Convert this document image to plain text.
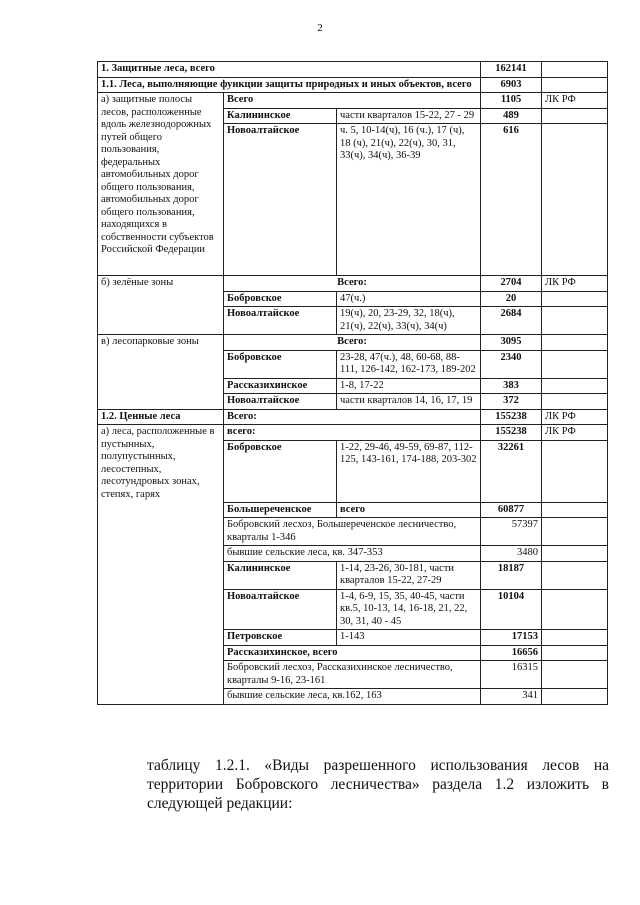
2
1. Защитные леса, всего			162141	
1.1. Леса, выполняющие функции защиты природных и иных объектов, всего			6903	
а) защитные полосы лесов, расположенные вдоль железнодорожных путей общего пользования, федеральных автомобильных дорог общего пользования, автомобильных дорог общего пользования, находящихся в собственности субъектов Российской Федерации	Всего		1105	ЛК РФ
	Калининское	части кварталов 15-22, 27 - 29	489	
	Новоалтайское	ч. 5, 10-14(ч), 16 (ч.), 17 (ч), 18 (ч), 21(ч), 22(ч), 30, 31, 33(ч), 34(ч), 36-39	616	
б) зелёные зоны	Всего:		2704	ЛК РФ
	Бобровское	47(ч.)	20	
	Новоалтайское	19(ч), 20, 23-29, 32, 18(ч), 21(ч), 22(ч), 33(ч), 34(ч)	2684	
в) лесопарковые зоны	Всего:		3095	
	Бобровское	23-28, 47(ч.), 48, 60-68, 88-111, 126-142, 162-173, 189-202	2340	
	Рассказихинское	1-8, 17-22	383	
	Новоалтайское	части кварталов 14, 16, 17, 19	372	
1.2. Ценные леса	Всего:		155238	ЛК РФ
а) леса, расположенные в пустынных, полупустынных, лесостепных, лесотундровых зонах, степях, гарях	всего:		155238	ЛК РФ
	Бобровское	1-22, 29-46, 49-59, 69-87, 112-125, 143-161, 174-188, 203-302	32261	
	Большереченское	всего	60877	
	Бобровский лесхоз, Большереченское лесничество, кварталы 1-346		57397	
	бывшие сельские леса, кв. 347-353		3480	
	Калининское	1-14, 23-26, 30-181, части кварталов 15-22, 27-29	18187	
	Новоалтайское	1-4, 6-9, 15, 35, 40-45, части кв.5, 10-13, 14, 16-18, 21, 22, 30, 31, 40 - 45	10104	
	Петровское	1-143	17153	
	Рассказихинское, всего		16656	
	Бобровский лесхоз, Рассказихинское лесничество, кварталы 9-16, 23-161		16315	
	бывшие сельские леса, кв.162, 163		341	
таблицу 1.2.1. «Виды разрешенного использования лесов на территории Бобровского лесничества» раздела 1.2 изложить в следующей редакции:
